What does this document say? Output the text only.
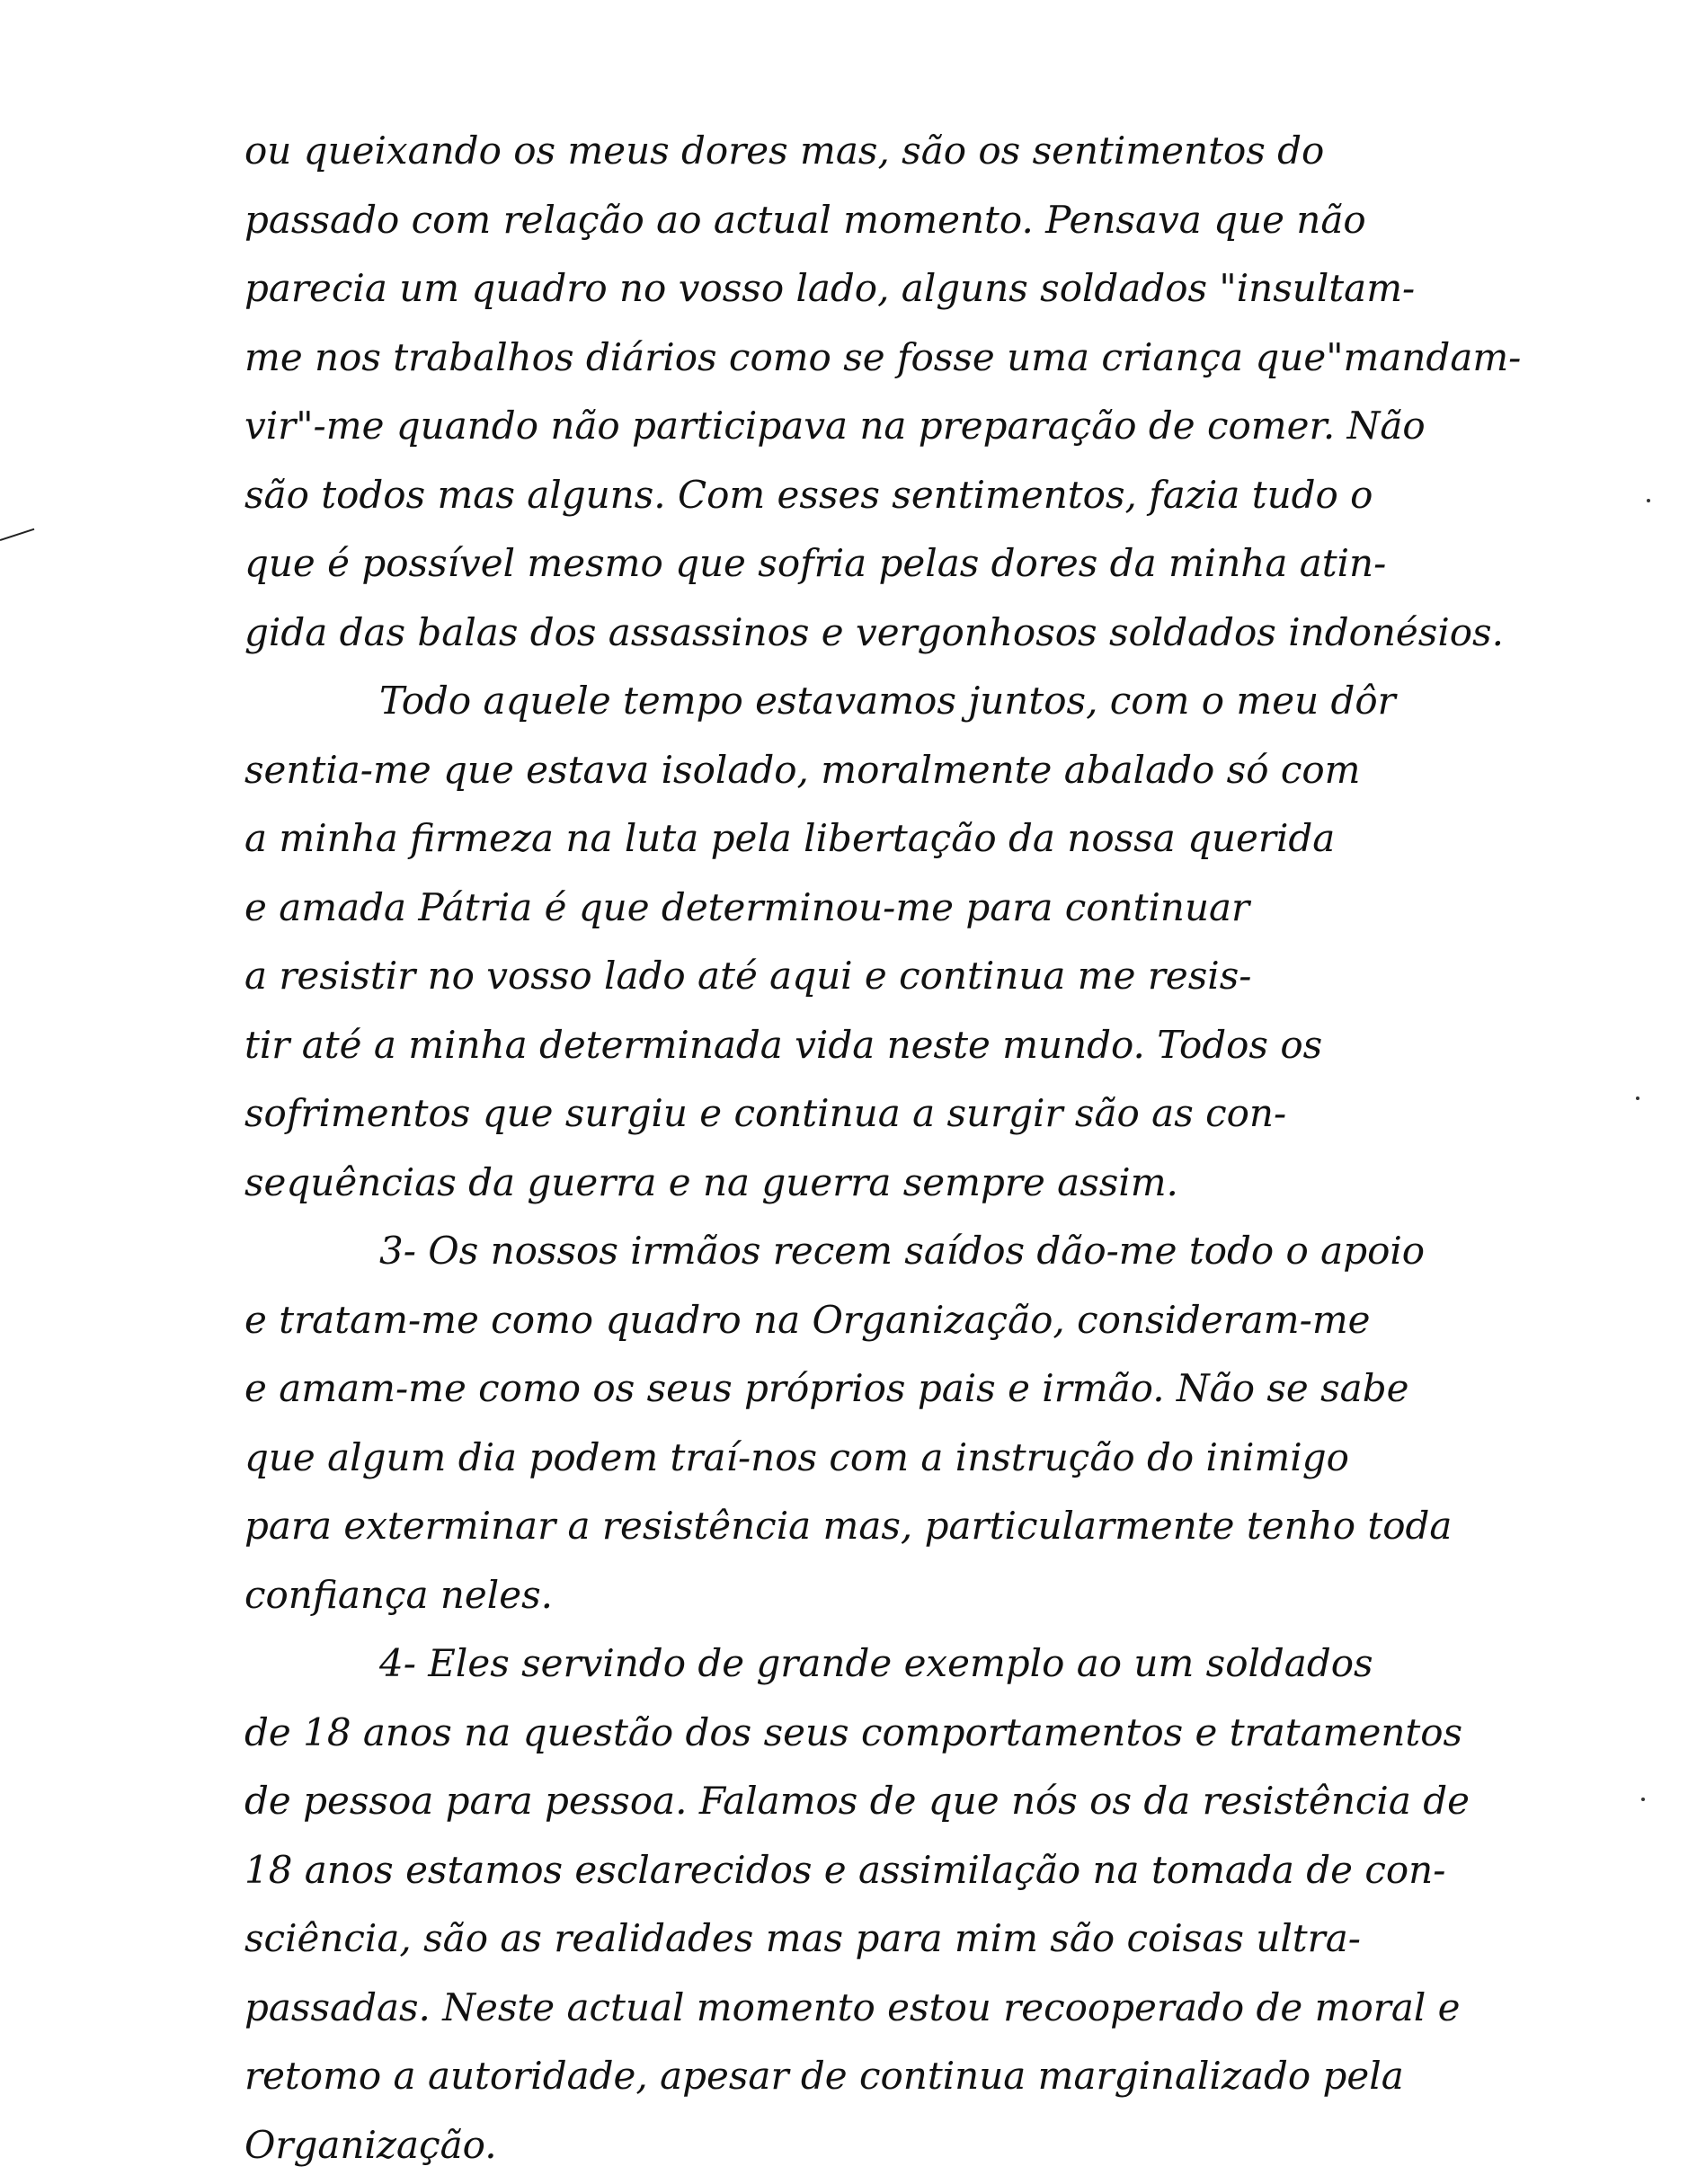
ou queixando os meus dores mas, são os sentimentos do
passado com relação ao actual momento. Pensava que não
parecia um quadro no vosso lado, alguns soldados "insultam-
me nos trabalhos diários como se fosse uma criança que"mandam-
vir"-me quando não participava na preparação de comer. Não
são todos mas alguns. Com esses sentimentos, fazia tudo o
que é possível mesmo que sofria pelas dores da minha atin-
gida das balas dos assassinos e vergonhosos soldados indonésios.
Todo aquele tempo estavamos juntos, com o meu dôr
sentia-me que estava isolado, moralmente abalado só com
a minha firmeza na luta pela libertação da nossa querida
e amada Pátria é que determinou-me para continuar
a resistir no vosso lado até aqui e continua me resis-
tir até a minha determinada vida neste mundo. Todos os
sofrimentos que surgiu e continua a surgir são as con-
sequências da guerra e na guerra sempre assim.
3- Os nossos irmãos recem saídos dão-me todo o apoio
e tratam-me como quadro na Organização, consideram-me
e amam-me como os seus próprios pais e irmão. Não se sabe
que algum dia podem traí-nos com a instrução do inimigo
para exterminar a resistência mas, particularmente tenho toda
confiança neles.
4- Eles servindo de grande exemplo ao um soldados
de 18 anos na questão dos seus comportamentos e tratamentos
de pessoa para pessoa. Falamos de que nós os da resistência de
18 anos estamos esclarecidos e assimilação na tomada de con-
sciência, são as realidades mas para mim são coisas ultra-
passadas. Neste actual momento estou recooperado de moral e
retomo a autoridade, apesar de continua marginalizado pela
Organização.
